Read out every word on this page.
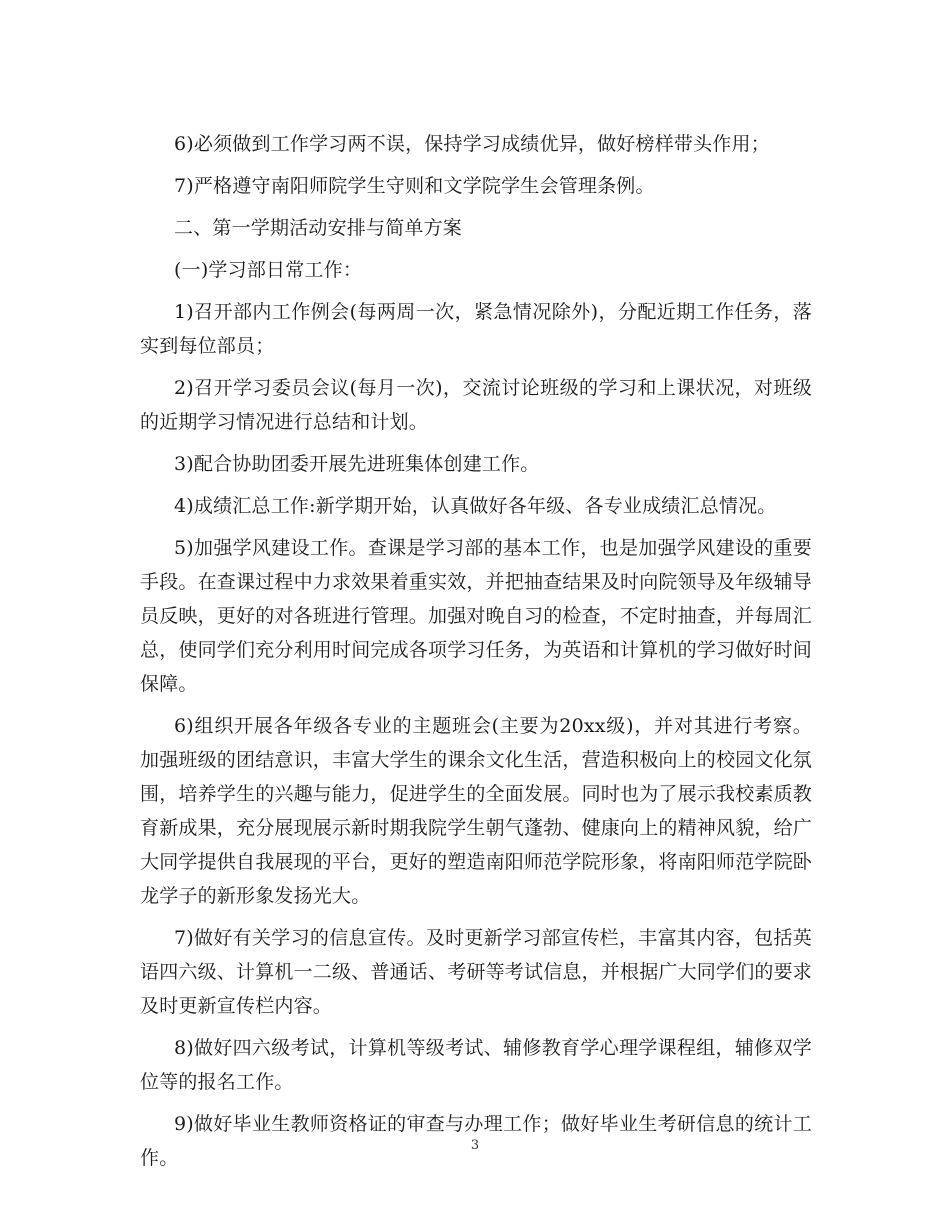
6)必须做到工作学习两不误，保持学习成绩优异，做好榜样带头作用；

7)严格遵守南阳师院学生守则和文学院学生会管理条例。

二、第一学期活动安排与简单方案

(一)学习部日常工作：

1)召开部内工作例会(每两周一次，紧急情况除外)，分配近期工作任务，落实到每位部员；

2)召开学习委员会议(每月一次)，交流讨论班级的学习和上课状况，对班级的近期学习情况进行总结和计划。

3)配合协助团委开展先进班集体创建工作。

4)成绩汇总工作:新学期开始，认真做好各年级、各专业成绩汇总情况。

5)加强学风建设工作。查课是学习部的基本工作，也是加强学风建设的重要手段。在查课过程中力求效果着重实效，并把抽查结果及时向院领导及年级辅导员反映，更好的对各班进行管理。加强对晚自习的检查，不定时抽查，并每周汇总，使同学们充分利用时间完成各项学习任务，为英语和计算机的学习做好时间保障。

6)组织开展各年级各专业的主题班会(主要为20xx级)，并对其进行考察。加强班级的团结意识，丰富大学生的课余文化生活，营造积极向上的校园文化氛围，培养学生的兴趣与能力，促进学生的全面发展。同时也为了展示我校素质教育新成果，充分展现展示新时期我院学生朝气蓬勃、健康向上的精神风貌，给广大同学提供自我展现的平台，更好的塑造南阳师范学院形象，将南阳师范学院卧龙学子的新形象发扬光大。

7)做好有关学习的信息宣传。及时更新学习部宣传栏，丰富其内容，包括英语四六级、计算机一二级、普通话、考研等考试信息，并根据广大同学们的要求及时更新宣传栏内容。

8)做好四六级考试，计算机等级考试、辅修教育学心理学课程组，辅修双学位等的报名工作。

9)做好毕业生教师资格证的审查与办理工作；做好毕业生考研信息的统计工作。

3
